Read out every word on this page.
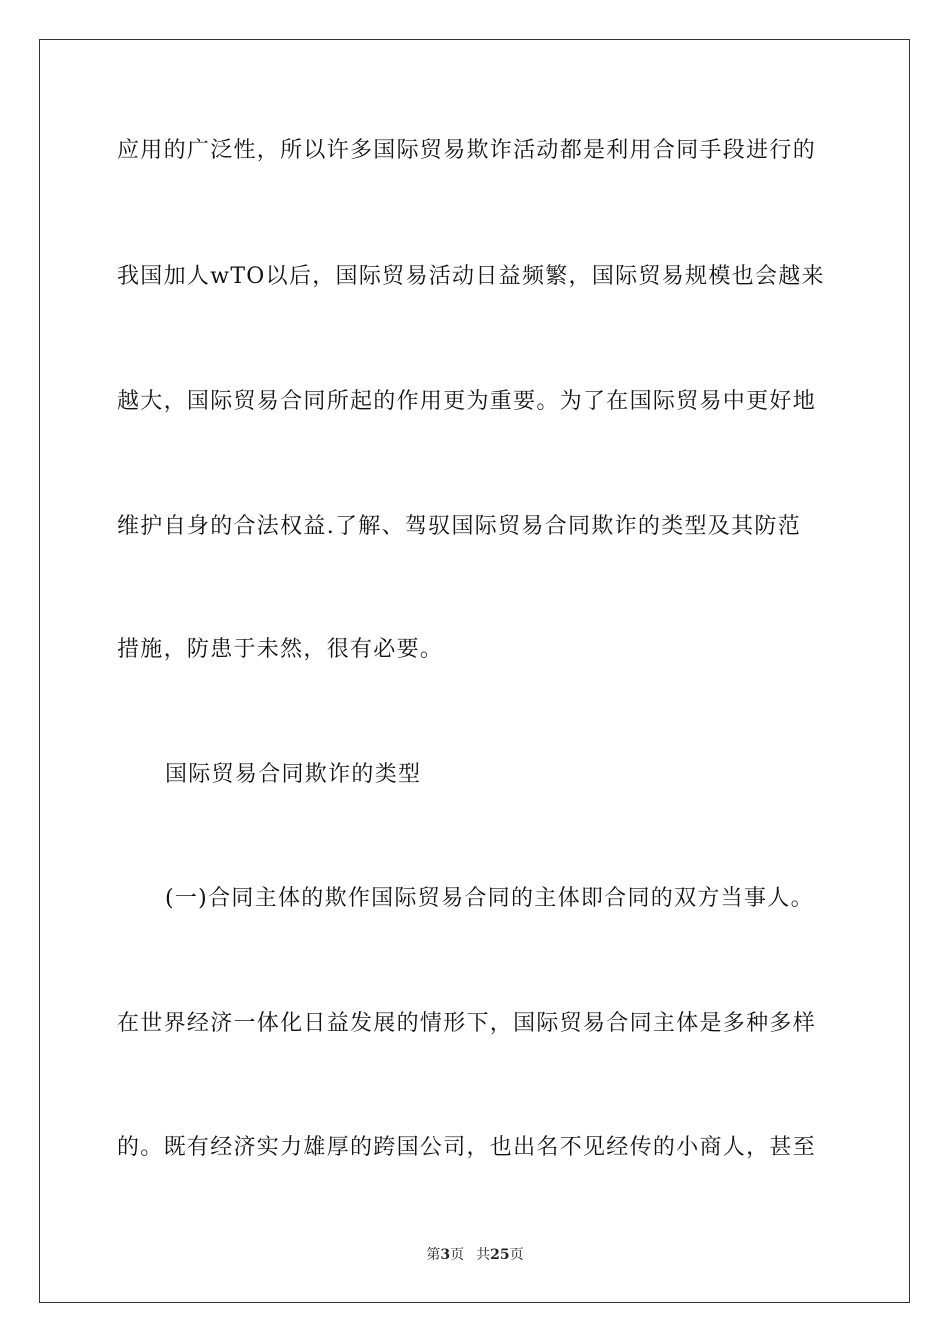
应用的广泛性，所以许多国际贸易欺诈活动都是利用合同手段进行的
我国加人wTO以后，国际贸易活动日益频繁，国际贸易规模也会越来
越大，国际贸易合同所起的作用更为重要。为了在国际贸易中更好地
维护自身的合法权益.了解、驾驭国际贸易合同欺诈的类型及其防范
措施，防患于未然，很有必要。
国际贸易合同欺诈的类型
(一)合同主体的欺作国际贸易合同的主体即合同的双方当事人。
在世界经济一体化日益发展的情形下，国际贸易合同主体是多种多样
的。既有经济实力雄厚的跨国公司，也出名不见经传的小商人，甚至
第3页 共25页
